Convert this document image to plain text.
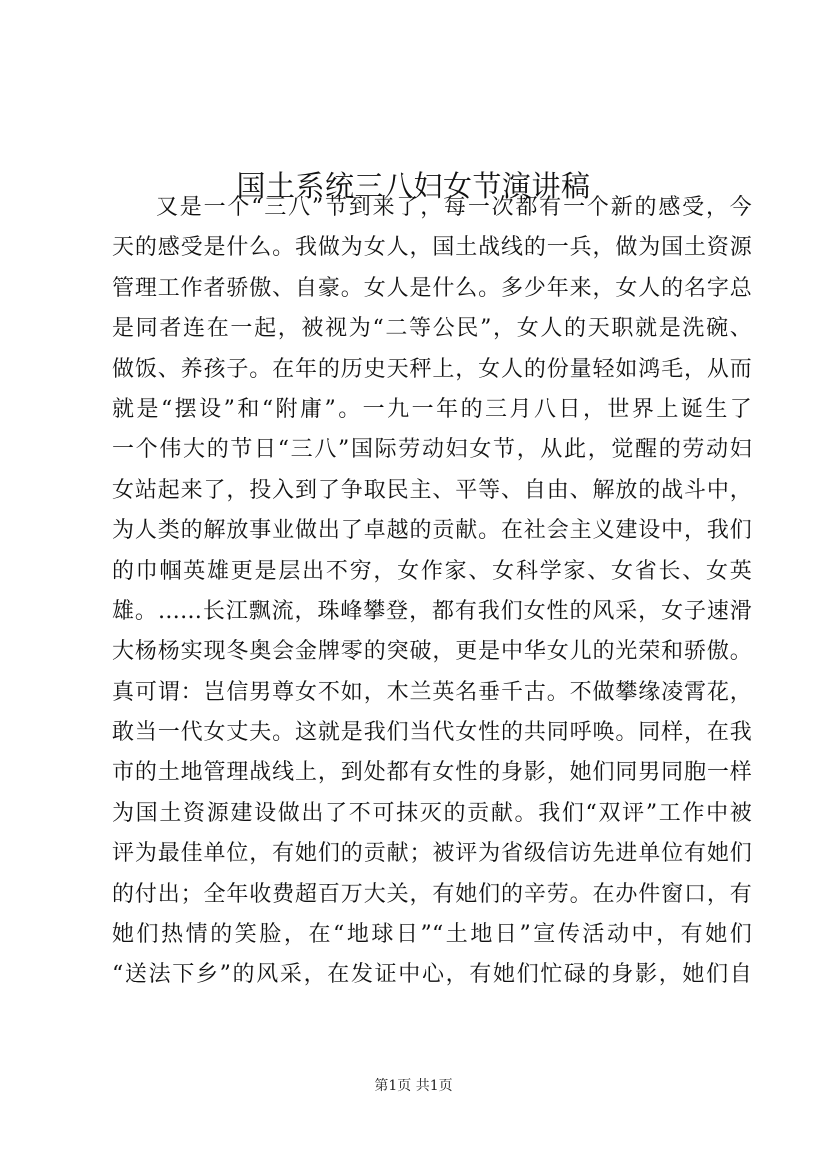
国土系统三八妇女节演讲稿
又是一个“三八”节到来了，每一次都有一个新的感受，今
天的感受是什么。我做为女人，国土战线的一兵，做为国土资源
管理工作者骄傲、自豪。女人是什么。多少年来，女人的名字总
是同者连在一起，被视为“二等公民”，女人的天职就是洗碗、
做饭、养孩子。在年的历史天秤上，女人的份量轻如鸿毛，从而
就是“摆设”和“附庸”。一九一年的三月八日，世界上诞生了
一个伟大的节日“三八”国际劳动妇女节，从此，觉醒的劳动妇
女站起来了，投入到了争取民主、平等、自由、解放的战斗中，
为人类的解放事业做出了卓越的贡献。在社会主义建设中，我们
的巾帼英雄更是层出不穷，女作家、女科学家、女省长、女英
雄。……长江飘流，珠峰攀登，都有我们女性的风采，女子速滑
大杨杨实现冬奥会金牌零的突破，更是中华女儿的光荣和骄傲。
真可谓：岂信男尊女不如，木兰英名垂千古。不做攀缘凌霄花，
敢当一代女丈夫。这就是我们当代女性的共同呼唤。同样，在我
市的土地管理战线上，到处都有女性的身影，她们同男同胞一样
为国土资源建设做出了不可抹灭的贡献。我们“双评”工作中被
评为最佳单位，有她们的贡献；被评为省级信访先进单位有她们
的付出；全年收费超百万大关，有她们的辛劳。在办件窗口，有
她们热情的笑脸，在“地球日”“土地日”宣传活动中，有她们
“送法下乡”的风采，在发证中心，有她们忙碌的身影，她们自
第1页 共1页
